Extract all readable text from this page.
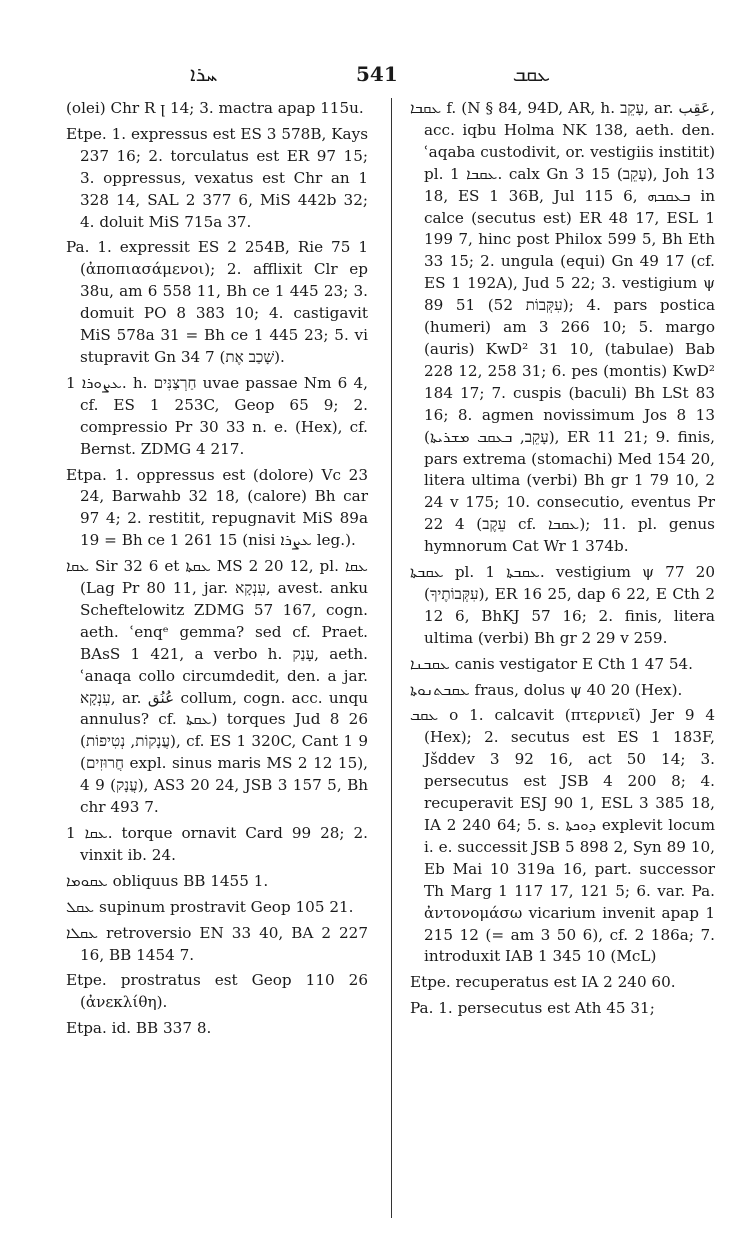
ܚܪܐ	541	ܥܩܒ

(olei) Chr R ꞁ 14; 3. mactra apap 115u.

Etpe. 1. expressus est ES 3 578B, Kays 237 16; 2. torculatus est ER 97 15; 3. oppressus, vexatus est Chr an 1 328 14, SAL 2 377 6, MiS 442b 32; 4. doluit MiS 715a 37.

Pa. 1. expressit ES 2 254B, Rie 75 1 (ἀποπιασάμενοι); 2. afflixit Clr ep 38u, am 6 558 11, Bh ce 1 445 23; 3. domuit PO 8 383 10; 4. castigavit MiS 578a 31 = Bh ce 1 445 23; 5. vi stupravit Gn 34 7 (שָׁכַב אֶת).

ܥܨܘܪܐ 1. h. חַרְצַנִּים uvae passae Nm 6 4, cf. ES 1 253C, Geop 65 9; 2. compressio Pr 30 33 n. e. (Hex), cf. Bernst. ZDMG 4 217.

Etpa. 1. oppressus est (dolore) Vc 23 24, Barwahb 32 18, (calore) Bh car 97 4; 2. restitit, repugnavit MiS 89a 19 = Bh ce 1 261 15 (nisi ܥܨܪܐ leg.).

ܥܩܐ Sir 32 6 et ܥܩܬܐ MS 2 20 12, pl. ܥܩܐ (Lag Pr 80 11, jar. עִנְקָא, avest. anku Scheftelowitz ZDMG 57 167, cogn. aeth. ʿenqᵉ gemma? sed cf. Praet. BAsS 1 421, a verbo h. עָנַק, aeth. ʿanaqa collo circumdedit, den. a jar. עִנְקָא, ar. عُنُق collum, cogn. acc. unqu annulus? cf. ܥܩܬܐ) torques Jud 8 26 (עֲנָקוֹת, נְטִיפוֹת), cf. ES 1 320C, Cant 1 9 (חֲרוּזִים expl. sinus maris MS 2 12 15), 4 9 (עֲנָק), AS3 20 24, JSB 3 157 5, Bh chr 493 7.

ܥܩܐ 1. torque ornavit Card 99 28; 2. vinxit ib. 24.

ܥܩܘܡܐ obliquus BB 1455 1.

ܥܩܠ supinum prostravit Geop 105 21.

ܥܩܠܐ retroversio EN 33 40, BA 2 227 16, BB 1454 7.

Etpe. prostratus est Geop 110 26 (ἀνεκλίθη).

Etpa. id. BB 337 8.

ܥܩܒܐ f. (N § 84, 94D, AR, h. עָקֵב, ar. عَقِب, acc. iqbu Holma NK 138, aeth. den. ʿaqaba custodivit, or. vestigiis institit) pl. ܥܩܒܐ 1. calx Gn 3 15 (עָקֵב), Joh 13 18, ES 1 36B, Jul 115 6, ܒܥܩܒܗ in calce (secutus est) ER 48 17, ESL 1 199 7, hinc post Philox 599 5, Bh Eth 33 15; 2. ungula (equi) Gn 49 17 (cf. ES 1 192A), Jud 5 22; 3. vestigium ψ 89 51 (52 עִקְּבוֹת); 4. pars postica (humeri) am 3 266 10; 5. margo (auris) KwD² 31 10, (tabulae) Bab 228 12, 258 31; 6. pes (montis) KwD² 184 17; 7. cuspis (baculi) Bh LSt 83 16; 8. agmen novissimum Jos 8 13 (עָקֵב, ܒܥܩܒ ܡܫܪܝܬܐ), ER 11 21; 9. finis, pars extrema (stomachi) Med 154 20, litera ultima (verbi) Bh gr 1 79 10, 2 24 v 175; 10. consecutio, eventus Pr 22 4 (עֵקֶב cf. ܥܩܒܐ); 11. pl. genus hymnorum Cat Wr 1 374b.

ܥܩܒܬܐ pl. ܥܩܒܬܐ 1. vestigium ψ 77 20 (עִקְּבוֹתֶיךָ), ER 16 25, dap 6 22, E Cth 2 12 6, BhKJ 57 16; 2. finis, litera ultima (verbi) Bh gr 2 29 v 259.

ܥܩܒܢܐ canis vestigator E Cth 1 47 54.

ܥܩܒܬܢܘܬܐ fraus, dolus ψ 40 20 (Hex).

ܥܩܒ o 1. calcavit (πτερνιεῖ) Jer 9 4 (Hex); 2. secutus est ES 1 183F, Jšddev 3 92 16, act 50 14; 3. persecutus est JSB 4 200 8; 4. recuperavit ESJ 90 1, ESL 3 385 18, IA 2 240 64; 5. s. ܕܘܟܬܐ explevit locum i. e. successit JSB 5 898 2, Syn 89 10, Eb Mai 10 319a 16, part. successor Th Marg 1 117 17, 121 5; 6. var. Pa. ἀντονομάσω vicarium invenit apap 1 215 12 (= am 3 50 6), cf. 2 186a; 7. introduxit IAB 1 345 10 (McL)

Etpe. recuperatus est IA 2 240 60.

Pa. 1. persecutus est Ath 45 31;
